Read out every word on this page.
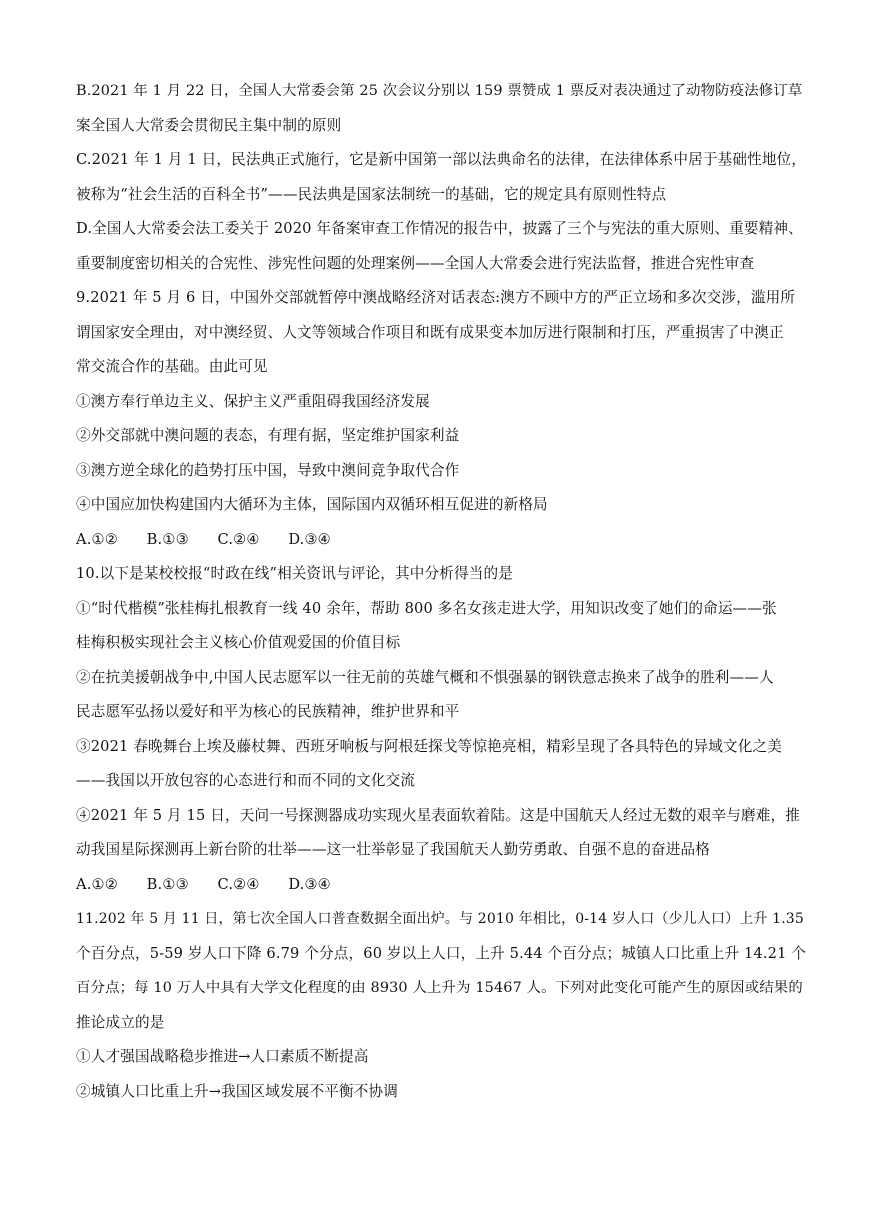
B.2021 年 1 月 22 日，全国人大常委会第 25 次会议分别以 159 票赞成 1 票反对表决通过了动物防疫法修订草
案全国人大常委会贯彻民主集中制的原则
C.2021 年 1 月 1 日，民法典正式施行，它是新中国第一部以法典命名的法律，在法律体系中居于基础性地位，
被称为“社会生活的百科全书”——民法典是国家法制统一的基础，它的规定具有原则性特点
D.全国人大常委会法工委关于 2020 年备案审查工作情况的报告中，披露了三个与宪法的重大原则、重要精神、
重要制度密切相关的合宪性、涉宪性问题的处理案例——全国人大常委会进行宪法监督，推进合宪性审查
9.2021 年 5 月 6 日，中国外交部就暂停中澳战略经济对话表态:澳方不顾中方的严正立场和多次交涉，滥用所
谓国家安全理由，对中澳经贸、人文等领域合作项目和既有成果变本加厉进行限制和打压，严重损害了中澳正
常交流合作的基础。由此可见
①澳方奉行单边主义、保护主义严重阻碍我国经济发展
②外交部就中澳问题的表态，有理有据，坚定维护国家利益
③澳方逆全球化的趋势打压中国，导致中澳间竞争取代合作
④中国应加快构建国内大循环为主体，国际国内双循环相互促进的新格局
A.①②      B.①③      C.②④      D.③④
10.以下是某校校报“时政在线”相关资讯与评论，其中分析得当的是
①“时代楷模”张桂梅扎根教育一线 40 余年，帮助 800 多名女孩走进大学，用知识改变了她们的命运——张
桂梅积极实现社会主义核心价值观爱国的价值目标
②在抗美援朝战争中,中国人民志愿军以一往无前的英雄气概和不惧强暴的钢铁意志换来了战争的胜利——人
民志愿军弘扬以爱好和平为核心的民族精神，维护世界和平
③2021 春晚舞台上埃及藤杖舞、西班牙响板与阿根廷探戈等惊艳亮相，精彩呈现了各具特色的异域文化之美
——我国以开放包容的心态进行和而不同的文化交流
④2021 年 5 月 15 日，天问一号探测器成功实现火星表面软着陆。这是中国航天人经过无数的艰辛与磨难，推
动我国星际探测再上新台阶的壮举——这一壮举彰显了我国航天人勤劳勇敢、自强不息的奋进品格
A.①②      B.①③      C.②④      D.③④
11.202 年 5 月 11 日，第七次全国人口普查数据全面出炉。与 2010 年相比，0-14 岁人口（少儿人口）上升 1.35
个百分点，5-59 岁人口下降 6.79 个分点，60 岁以上人口，上升 5.44 个百分点；城镇人口比重上升 14.21 个
百分点；每 10 万人中具有大学文化程度的由 8930 人上升为 15467 人。下列对此变化可能产生的原因或结果的
推论成立的是
①人才强国战略稳步推进→人口素质不断提高
②城镇人口比重上升→我国区域发展不平衡不协调
